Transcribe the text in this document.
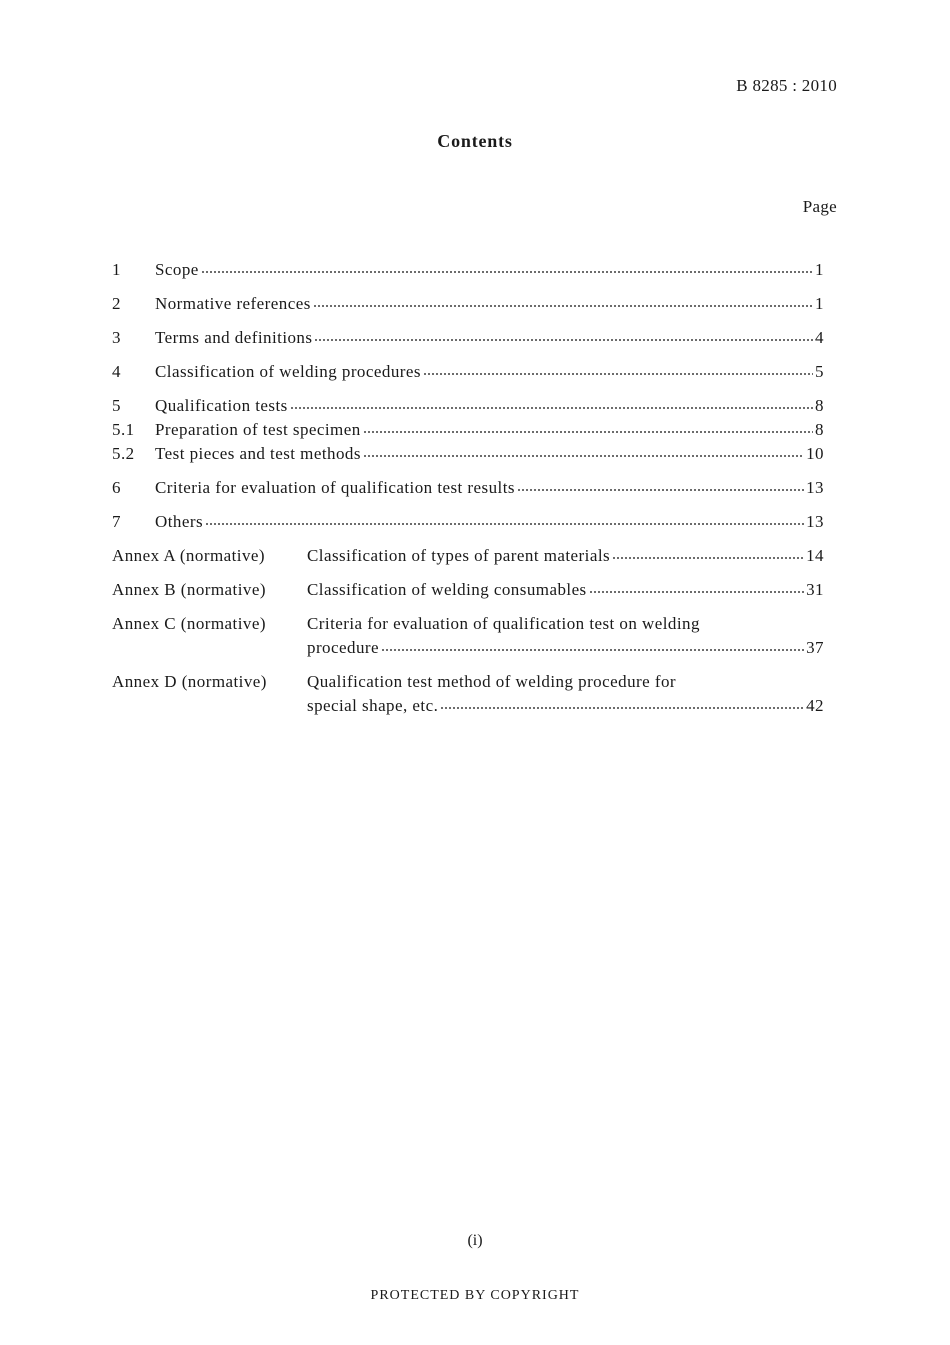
B 8285 : 2010
Contents
Page
1	Scope	1
2	Normative references	1
3	Terms and definitions	4
4	Classification of welding procedures	5
5	Qualification tests	8
5.1	Preparation of test specimen	8
5.2	Test pieces and test methods	10
6	Criteria for evaluation of qualification test results	13
7	Others	13
Annex A (normative)	Classification of types of parent materials	14
Annex B (normative)	Classification of welding consumables	31
Annex C (normative)	Criteria for evaluation of qualification test on welding
procedure	37
Annex D (normative)	Qualification test method of welding procedure for
special shape, etc.	42
(i)
PROTECTED BY COPYRIGHT
